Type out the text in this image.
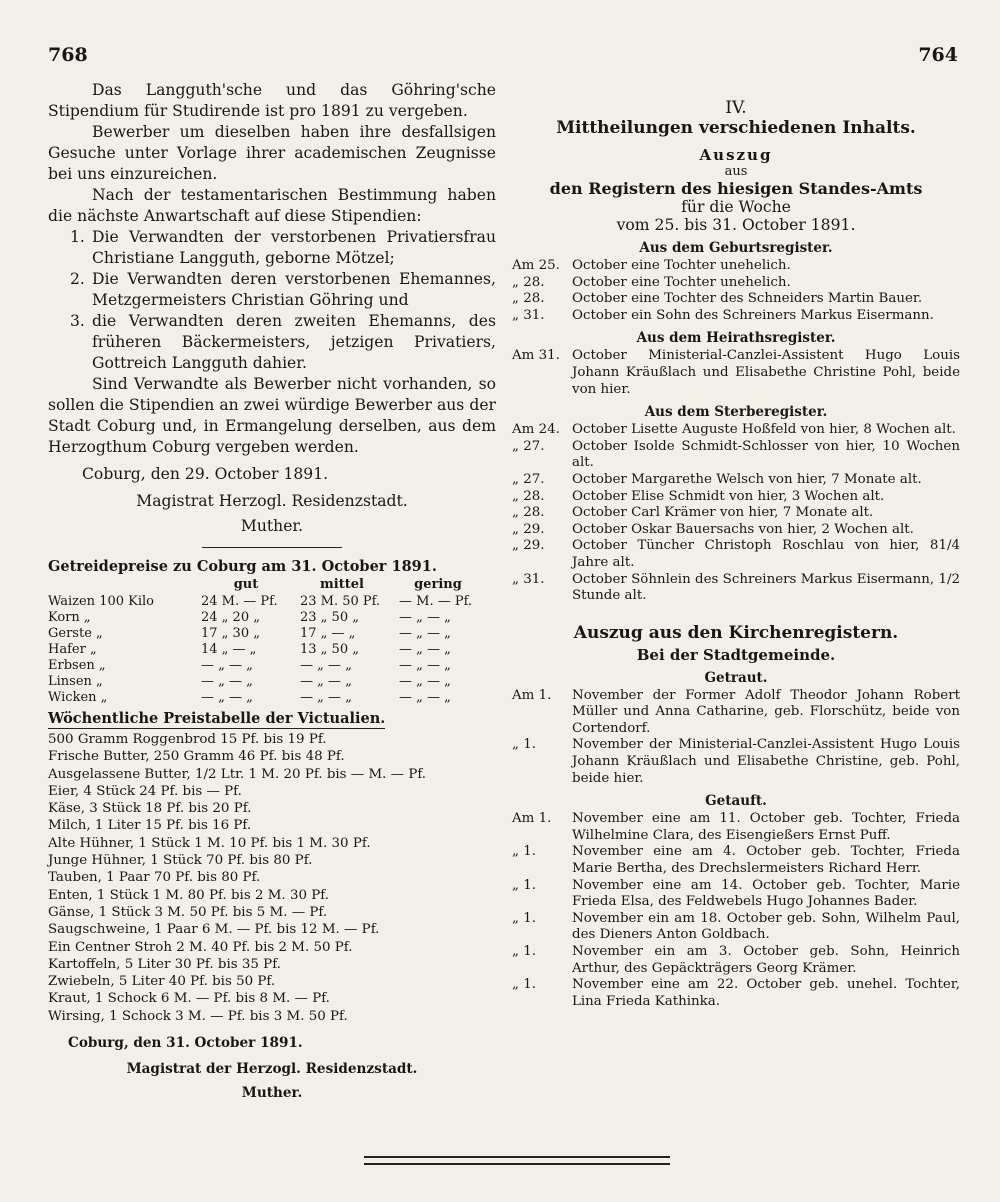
768	764

Das Langguth'sche und das Göhring'sche Stipendium für Studirende ist pro 1891 zu vergeben.

Bewerber um dieselben haben ihre desfallsigen Gesuche unter Vorlage ihrer academischen Zeugnisse bei uns einzureichen.

Nach der testamentarischen Bestimmung haben die nächste Anwartschaft auf diese Stipendien:

1. Die Verwandten der verstorbenen Privatiersfrau Christiane Langguth, geborne Mötzel;
2. Die Verwandten deren verstorbenen Ehemannes, Metzgermeisters Christian Göhring und
3. die Verwandten deren zweiten Ehemanns, des früheren Bäckermeisters, jetzigen Privatiers, Gottreich Langguth dahier.

Sind Verwandte als Bewerber nicht vorhanden, so sollen die Stipendien an zwei würdige Bewerber aus der Stadt Coburg und, in Ermangelung derselben, aus dem Herzogthum Coburg vergeben werden.

Coburg, den 29. October 1891.

Magistrat Herzogl. Residenzstadt.

Muther.

Getreidepreise zu Coburg am 31. October 1891.

gut	mittel	gering
Waizen 100 Kilo	24 M. — Pf.	23 M. 50 Pf.	— M. — Pf.
Korn „	24 „ 20 „	23 „ 50 „	— „ — „
Gerste „	17 „ 30 „	17 „ — „	— „ — „
Hafer „	14 „ — „	13 „ 50 „	— „ — „
Erbsen „	— „ — „	— „ — „	— „ — „
Linsen „	— „ — „	— „ — „	— „ — „
Wicken „	— „ — „	— „ — „	— „ — „
Wöchentliche Preistabelle der Victualien.
500 Gramm Roggenbrod 15 Pf. bis 19 Pf.
Frische Butter, 250 Gramm 46 Pf. bis 48 Pf.
Ausgelassene Butter, 1/2 Ltr. 1 M. 20 Pf. bis — M. — Pf.
Eier, 4 Stück 24 Pf. bis — Pf.
Käse, 3 Stück 18 Pf. bis 20 Pf.
Milch, 1 Liter 15 Pf. bis 16 Pf.
Alte Hühner, 1 Stück 1 M. 10 Pf. bis 1 M. 30 Pf.
Junge Hühner, 1 Stück 70 Pf. bis 80 Pf.
Tauben, 1 Paar 70 Pf. bis 80 Pf.
Enten, 1 Stück 1 M. 80 Pf. bis 2 M. 30 Pf.
Gänse, 1 Stück 3 M. 50 Pf. bis 5 M. — Pf.
Saugschweine, 1 Paar 6 M. — Pf. bis 12 M. — Pf.
Ein Centner Stroh 2 M. 40 Pf. bis 2 M. 50 Pf.
Kartoffeln, 5 Liter 30 Pf. bis 35 Pf.
Zwiebeln, 5 Liter 40 Pf. bis 50 Pf.
Kraut, 1 Schock 6 M. — Pf. bis 8 M. — Pf.
Wirsing, 1 Schock 3 M. — Pf. bis 3 M. 50 Pf.

Coburg, den 31. October 1891.

Magistrat der Herzogl. Residenzstadt.

Muther.

IV.

Mittheilungen verschiedenen Inhalts.

Auszug

aus

den Registern des hiesigen Standes-Amts

für die Woche

vom 25. bis 31. October 1891.

Aus dem Geburtsregister.

Am 25. October eine Tochter unehelich.
„ 28. October eine Tochter unehelich.
„ 28. October eine Tochter des Schneiders Martin Bauer.
„ 31. October ein Sohn des Schreiners Markus Eisermann.

Aus dem Heirathsregister.

Am 31. October Ministerial-Canzlei-Assistent Hugo Louis Johann Kräußlach und Elisabethe Christine Pohl, beide von hier.

Aus dem Sterberegister.

Am 24. October Lisette Auguste Hoßfeld von hier, 8 Wochen alt.
„ 27. October Isolde Schmidt-Schlosser von hier, 10 Wochen alt.
„ 27. October Margarethe Welsch von hier, 7 Monate alt.
„ 28. October Elise Schmidt von hier, 3 Wochen alt.
„ 28. October Carl Krämer von hier, 7 Monate alt.
„ 29. October Oskar Bauersachs von hier, 2 Wochen alt.
„ 29. October Tüncher Christoph Roschlau von hier, 81/4 Jahre alt.
„ 31. October Söhnlein des Schreiners Markus Eisermann, 1/2 Stunde alt.

Auszug aus den Kirchenregistern.

Bei der Stadtgemeinde.

Getraut.

Am 1. November der Former Adolf Theodor Johann Robert Müller und Anna Catharine, geb. Florschütz, beide von Cortendorf.
„ 1.	November der Ministerial-Canzlei-Assistent Hugo Louis Johann Kräußlach und Elisabethe Christine, geb. Pohl, beide hier.

Getauft.

Am 1. November eine am 11. October geb. Tochter, Frieda Wilhelmine Clara, des Eisengießers Ernst Puff.
„ 1.	November eine am 4. October geb. Tochter, Frieda Marie Bertha, des Drechslermeisters Richard Herr.
„ 1.	November eine am 14. October geb. Tochter, Marie Frieda Elsa, des Feldwebels Hugo Johannes Bader.
„ 1.	November ein am 18. October geb. Sohn, Wilhelm Paul, des Dieners Anton Goldbach.
„ 1.	November ein am 3. October geb. Sohn, Heinrich Arthur, des Gepäckträgers Georg Krämer.
„ 1.	November eine am 22. October geb. unehel. Tochter, Lina Frieda Kathinka.
